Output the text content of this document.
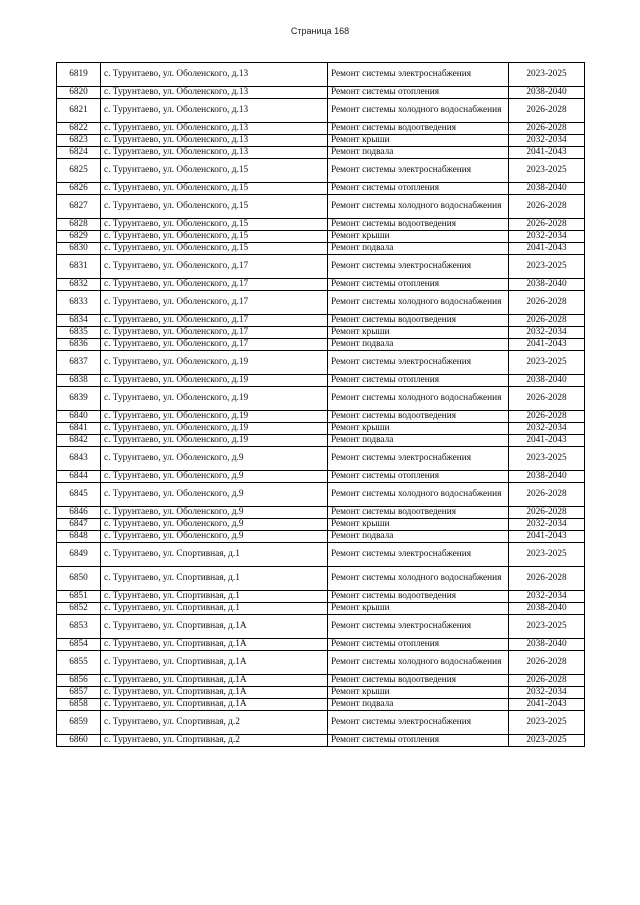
Страница 168
6819	с. Турунтаево, ул. Оболенского, д.13	Ремонт системы электроснабжения	2023-2025
6820	с. Турунтаево, ул. Оболенского, д.13	Ремонт системы отопления	2038-2040
6821	с. Турунтаево, ул. Оболенского, д.13	Ремонт системы холодного водоснабжения	2026-2028
6822	с. Турунтаево, ул. Оболенского, д.13	Ремонт системы водоотведения	2026-2028
6823	с. Турунтаево, ул. Оболенского, д.13	Ремонт крыши	2032-2034
6824	с. Турунтаево, ул. Оболенского, д.13	Ремонт подвала	2041-2043
6825	с. Турунтаево, ул. Оболенского, д.15	Ремонт системы электроснабжения	2023-2025
6826	с. Турунтаево, ул. Оболенского, д.15	Ремонт системы отопления	2038-2040
6827	с. Турунтаево, ул. Оболенского, д.15	Ремонт системы холодного водоснабжения	2026-2028
6828	с. Турунтаево, ул. Оболенского, д.15	Ремонт системы водоотведения	2026-2028
6829	с. Турунтаево, ул. Оболенского, д.15	Ремонт крыши	2032-2034
6830	с. Турунтаево, ул. Оболенского, д.15	Ремонт подвала	2041-2043
6831	с. Турунтаево, ул. Оболенского, д.17	Ремонт системы электроснабжения	2023-2025
6832	с. Турунтаево, ул. Оболенского, д.17	Ремонт системы отопления	2038-2040
6833	с. Турунтаево, ул. Оболенского, д.17	Ремонт системы холодного водоснабжения	2026-2028
6834	с. Турунтаево, ул. Оболенского, д.17	Ремонт системы водоотведения	2026-2028
6835	с. Турунтаево, ул. Оболенского, д.17	Ремонт крыши	2032-2034
6836	с. Турунтаево, ул. Оболенского, д.17	Ремонт подвала	2041-2043
6837	с. Турунтаево, ул. Оболенского, д.19	Ремонт системы электроснабжения	2023-2025
6838	с. Турунтаево, ул. Оболенского, д.19	Ремонт системы отопления	2038-2040
6839	с. Турунтаево, ул. Оболенского, д.19	Ремонт системы холодного водоснабжения	2026-2028
6840	с. Турунтаево, ул. Оболенского, д.19	Ремонт системы водоотведения	2026-2028
6841	с. Турунтаево, ул. Оболенского, д.19	Ремонт крыши	2032-2034
6842	с. Турунтаево, ул. Оболенского, д.19	Ремонт подвала	2041-2043
6843	с. Турунтаево, ул. Оболенского, д.9	Ремонт системы электроснабжения	2023-2025
6844	с. Турунтаево, ул. Оболенского, д.9	Ремонт системы отопления	2038-2040
6845	с. Турунтаево, ул. Оболенского, д.9	Ремонт системы холодного водоснабжения	2026-2028
6846	с. Турунтаево, ул. Оболенского, д.9	Ремонт системы водоотведения	2026-2028
6847	с. Турунтаево, ул. Оболенского, д.9	Ремонт крыши	2032-2034
6848	с. Турунтаево, ул. Оболенского, д.9	Ремонт подвала	2041-2043
6849	с. Турунтаево, ул. Спортивная, д.1	Ремонт системы электроснабжения	2023-2025
6850	с. Турунтаево, ул. Спортивная, д.1	Ремонт системы холодного водоснабжения	2026-2028
6851	с. Турунтаево, ул. Спортивная, д.1	Ремонт системы водоотведения	2032-2034
6852	с. Турунтаево, ул. Спортивная, д.1	Ремонт крыши	2038-2040
6853	с. Турунтаево, ул. Спортивная, д.1А	Ремонт системы электроснабжения	2023-2025
6854	с. Турунтаево, ул. Спортивная, д.1А	Ремонт системы отопления	2038-2040
6855	с. Турунтаево, ул. Спортивная, д.1А	Ремонт системы холодного водоснабжения	2026-2028
6856	с. Турунтаево, ул. Спортивная, д.1А	Ремонт системы водоотведения	2026-2028
6857	с. Турунтаево, ул. Спортивная, д.1А	Ремонт крыши	2032-2034
6858	с. Турунтаево, ул. Спортивная, д.1А	Ремонт подвала	2041-2043
6859	с. Турунтаево, ул. Спортивная, д.2	Ремонт системы электроснабжения	2023-2025
6860	с. Турунтаево, ул. Спортивная, д.2	Ремонт системы отопления	2023-2025
